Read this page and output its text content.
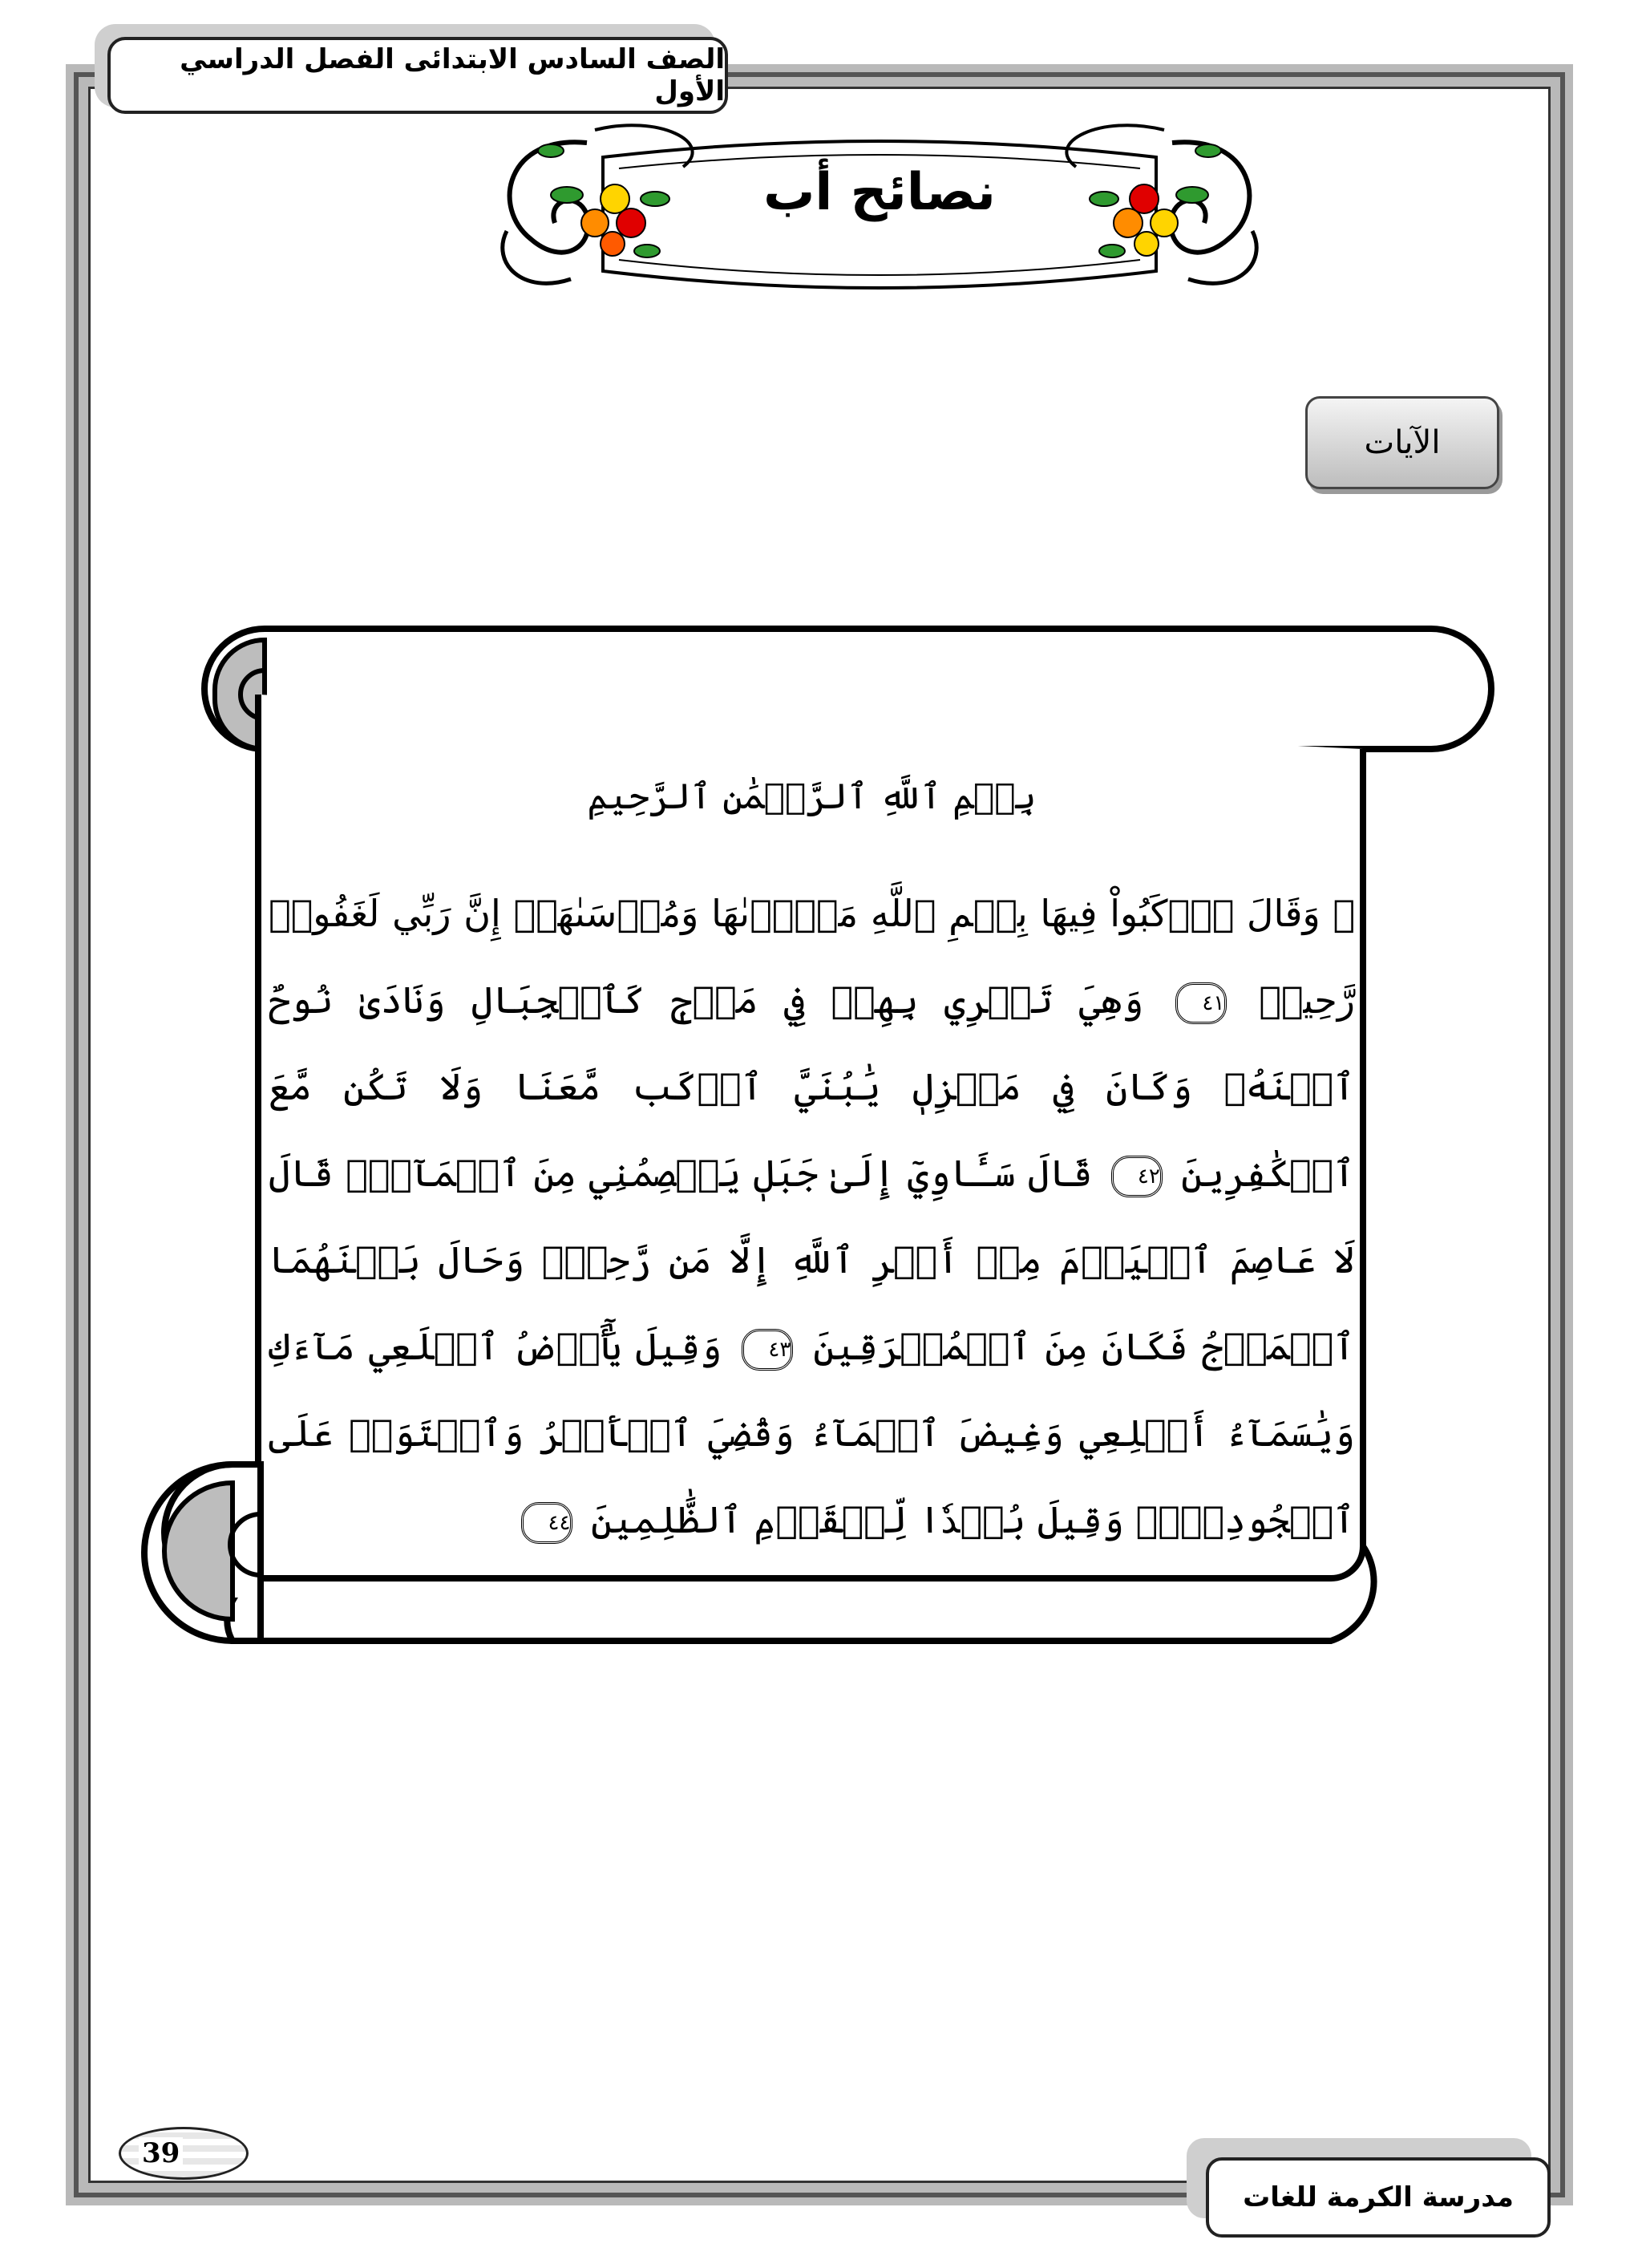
الصف السادس الابتدائى الفصل الدراسي الأول
نصائح أب
الآيات
بِسۡمِ ٱللَّهِ ٱلرَّحۡمَٰنِ ٱلرَّحِيمِ
۞ وَقَالَ ٱرۡكَبُواْ فِيهَا بِسۡمِ ٱللَّهِ مَجۡرٜىٰهَا وَمُرۡسَىٰهَآۚ إِنَّ رَبِّي لَغَفُورٞ رَّحِيمٞ ٤١ وَهِيَ تَجۡرِي بِهِمۡ فِي مَوۡجٖ كَٱلۡجِبَالِ وَنَادَىٰ نُوحٌ ٱبۡنَهُۥ وَكَانَ فِي مَعۡزِلٖ يَٰبُنَيَّ ٱرۡكَب مَّعَنَا وَلَا تَكُن مَّعَ ٱلۡكَٰفِرِينَ ٤٢ قَالَ سَـَٔاوِيٓ إِلَىٰ جَبَلٖ يَعۡصِمُنِي مِنَ ٱلۡمَآءِۚ قَالَ لَا عَاصِمَ ٱلۡيَوۡمَ مِنۡ أَمۡرِ ٱللَّهِ إِلَّا مَن رَّحِمَۚ وَحَالَ بَيۡنَهُمَا ٱلۡمَوۡجُ فَكَانَ مِنَ ٱلۡمُغۡرَقِينَ ٤٣ وَقِيلَ يَٰٓأَرۡضُ ٱبۡلَعِي مَآءَكِ وَيَٰسَمَآءُ أَقۡلِعِي وَغِيضَ ٱلۡمَآءُ وَقُضِيَ ٱلۡأَمۡرُ وَٱسۡتَوَتۡ عَلَى ٱلۡجُودِيِّۖ وَقِيلَ بُعۡدٗا لِّلۡقَوۡمِ ٱلظَّٰلِمِينَ ٤٤
39
مدرسة الكرمة للغات
